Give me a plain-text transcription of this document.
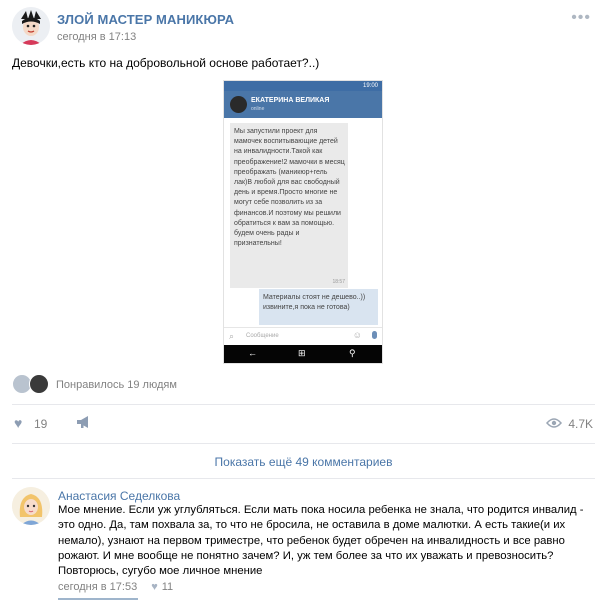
ЗЛОЙ МАСТЕР МАНИКЮРА
сегодня в 17:13
•••
Девочки,есть кто на добровольной основе работает?..)
19:00
ЕКАТЕРИНА ВЕЛИКАЯ
online
Мы запустили проект для мамочек воспитывающие детей на инвалидности.Такой как преображение!2 мамочки в месяц преображать (маникюр+гель лак)В любой для вас свободный день и время.Просто многие не могут себе позволить из за финансов.И поэтому мы решили обратиться к вам за помощью. будем очень рады и признательны!
18:57
Материалы стоят не дешево..)) извините,я пока не готова)
⌕ Сообщение	☺
←	⊞	⚲
Понравилось 19 людям
♥ 19	4.7K
Показать ещё 49 комментариев
Анастасия Седелкова
Мое мнение. Если уж углубляться. Если мать пока носила ребенка не знала, что родится инвалид - это одно. Да, там похвала за, то что не бросила, не оставила в доме малютки. А есть такие(и их немало), узнают на первом триместре, что ребенок будет обречен на инвалидность и все равно рожают. И мне вообще не понятно зачем? И, уж тем более за что их уважать и превозносить? Повторюсь, сугубо мое личное мнение
сегодня в 17:53 ♥ 11
